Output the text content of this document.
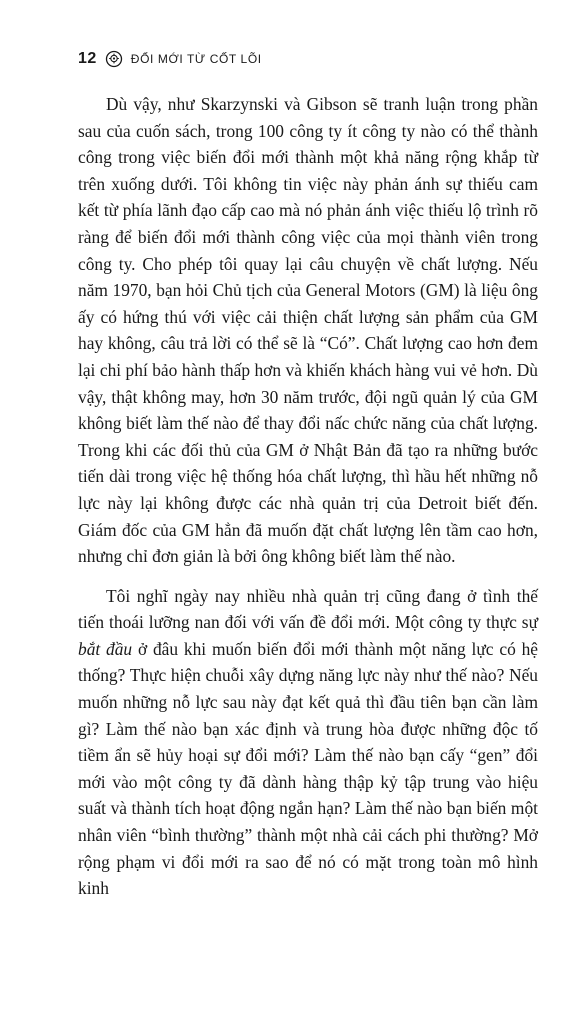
12	ĐỔI MỚI TỪ CỐT LÕI

Dù vậy, như Skarzynski và Gibson sẽ tranh luận trong phần sau của cuốn sách, trong 100 công ty ít công ty nào có thể thành công trong việc biến đổi mới thành một khả năng rộng khắp từ trên xuống dưới. Tôi không tin việc này phản ánh sự thiếu cam kết từ phía lãnh đạo cấp cao mà nó phản ánh việc thiếu lộ trình rõ ràng để biến đổi mới thành công việc của mọi thành viên trong công ty. Cho phép tôi quay lại câu chuyện về chất lượng. Nếu năm 1970, bạn hỏi Chủ tịch của General Motors (GM) là liệu ông ấy có hứng thú với việc cải thiện chất lượng sản phẩm của GM hay không, câu trả lời có thể sẽ là “Có”. Chất lượng cao hơn đem lại chi phí bảo hành thấp hơn và khiến khách hàng vui vẻ hơn. Dù vậy, thật không may, hơn 30 năm trước, đội ngũ quản lý của GM không biết làm thế nào để thay đổi nấc chức năng của chất lượng. Trong khi các đối thủ của GM ở Nhật Bản đã tạo ra những bước tiến dài trong việc hệ thống hóa chất lượng, thì hầu hết những nỗ lực này lại không được các nhà quản trị của Detroit biết đến. Giám đốc của GM hẳn đã muốn đặt chất lượng lên tầm cao hơn, nhưng chỉ đơn giản là bởi ông không biết làm thế nào.

Tôi nghĩ ngày nay nhiều nhà quản trị cũng đang ở tình thế tiến thoái lưỡng nan đối với vấn đề đổi mới. Một công ty thực sự bắt đầu ở đâu khi muốn biến đổi mới thành một năng lực có hệ thống? Thực hiện chuỗi xây dựng năng lực này như thế nào? Nếu muốn những nỗ lực sau này đạt kết quả thì đầu tiên bạn cần làm gì? Làm thế nào bạn xác định và trung hòa được những độc tố tiềm ẩn sẽ hủy hoại sự đổi mới? Làm thế nào bạn cấy “gen” đổi mới vào một công ty đã dành hàng thập kỷ tập trung vào hiệu suất và thành tích hoạt động ngắn hạn? Làm thế nào bạn biến một nhân viên “bình thường” thành một nhà cải cách phi thường? Mở rộng phạm vi đổi mới ra sao để nó có mặt trong toàn mô hình kinh
